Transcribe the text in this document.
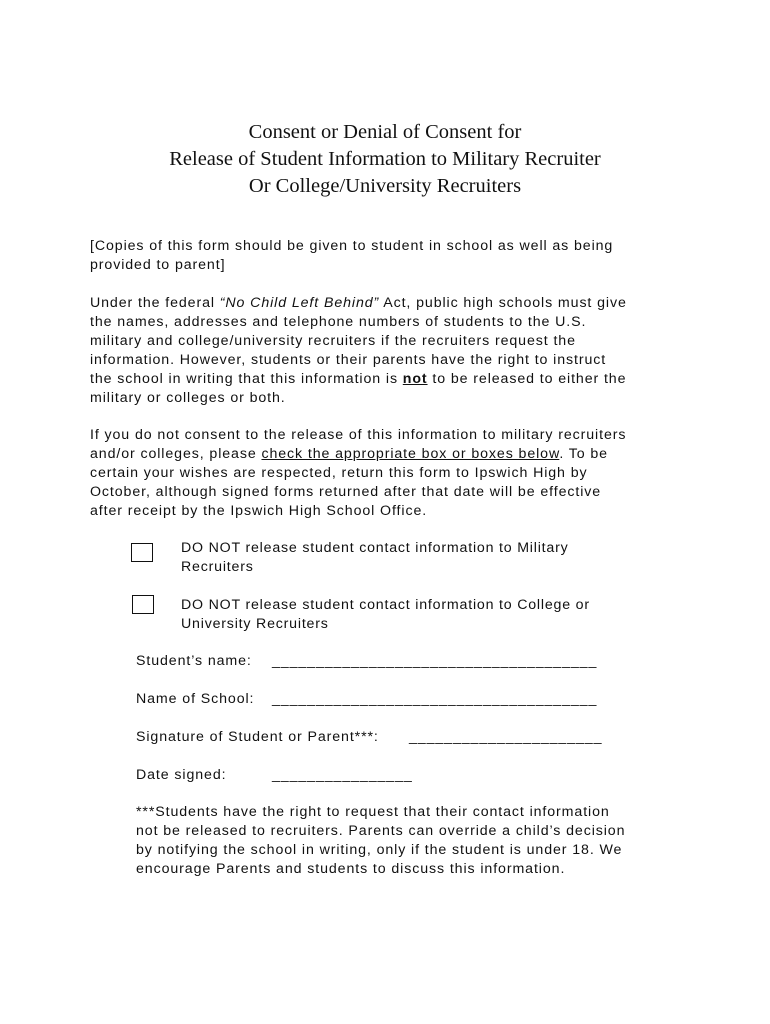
Consent or Denial of Consent for
Release of Student Information to Military Recruiter
Or College/University Recruiters
[Copies of this form should be given to student in school as well as being
provided to parent]
Under the federal “No Child Left Behind” Act, public high schools must give
the names, addresses and telephone numbers of students to the U.S.
military and college/university recruiters if the recruiters request the
information. However, students or their parents have the right to instruct
the school in writing that this information is not to be released to either the
military or colleges or both.
If you do not consent to the release of this information to military recruiters
and/or colleges, please check the appropriate box or boxes below. To be
certain your wishes are respected, return this form to Ipswich High by
October, although signed forms returned after that date will be effective
after receipt by the Ipswich High School Office.
DO NOT release student contact information to Military
Recruiters
DO NOT release student contact information to College or
University Recruiters
Student’s name: _____________________________________
Name of School: _____________________________________
Signature of Student or Parent***: ______________________
Date signed:	________________
***Students have the right to request that their contact information
not be released to recruiters. Parents can override a child’s decision
by notifying the school in writing, only if the student is under 18. We
encourage Parents and students to discuss this information.
